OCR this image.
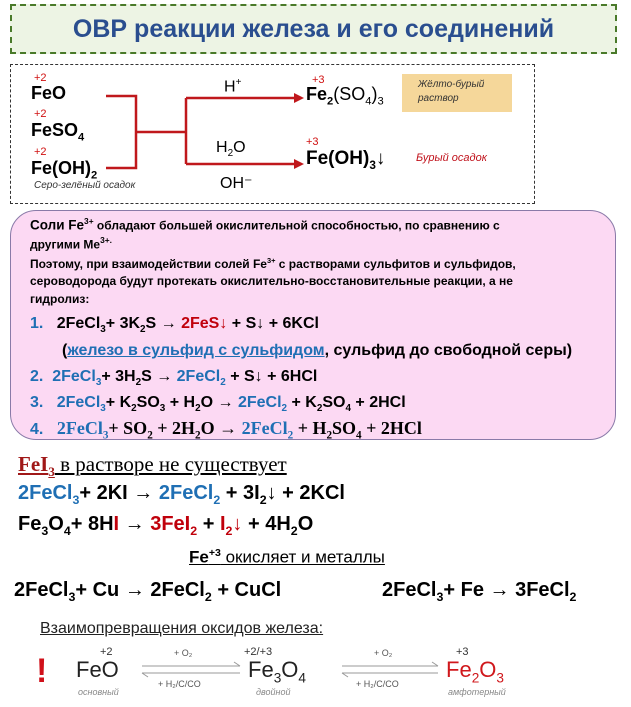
ОВР реакции железа и его соединений
+2
FeO
+2
FeSO$_4$
+2
$Fe(OH)_2$
Серо-зелёный осадок
H+
$H_2O$
OH⁻
+3
$Fe_2(SO_4)_3$
Жёлто-бурый раствор
+3
$Fe(OH)_3↓$	Бурый осадок
Соли $Fe^{3+}$ обладают большей окислительной способностью, по сравнению с
другими $Me^{3+.}$
Поэтому, при взаимодействии солей $Fe^{3+}$ с растворами сульфитов и сульфидов,
сероводорода будут протекать окислительно-восстановительные реакции, а не
гидролиз:
1. 2FeCl$_3$+ $3K_2S$ → 2FeS↓ + S↓ + 6KCl
(железо в сульфид с сульфидом, сульфид до свободной серы)
2. 2FeCl$_3$+ $3H_2S$ → 2FeCl$_2$ + S↓ + 6HCl
3. 2FeCl$_3$+ $K_2SO_3 + H_2O$ → 2FeCl$_2$ + $K_2SO_4 + 2HCl$
4. 2FeCl$_3$+ $SO_2 + 2H_2O$ → 2FeCl$_2$ + $H_2SO_4 + 2HCl$
FeI$_3$ в растворе не существует
2FeCl$_3$+ 2KI → 2FeCl$_2$ + $3I_2↓ + 2KCl$
$Fe_3O_4+ 8HI \to 3FeI_2$ + $I_2↓ + 4H_2O$
$Fe^{+3}$ окисляет и металлы
2FeCl$_3$+ Cu → 2FeCl$_2$ + CuCl	2FeCl$_3$+ Fe → 3FeCl$_2$
Взаимопревращения оксидов железа:
!	+2
FeO
основный
+2/+3
$Fe_3O_4$
двойной
+3
$Fe_2O_3$
амфотерный
+ O₂
+ H₂/C/CO
+ O₂
+ H₂/C/CO
